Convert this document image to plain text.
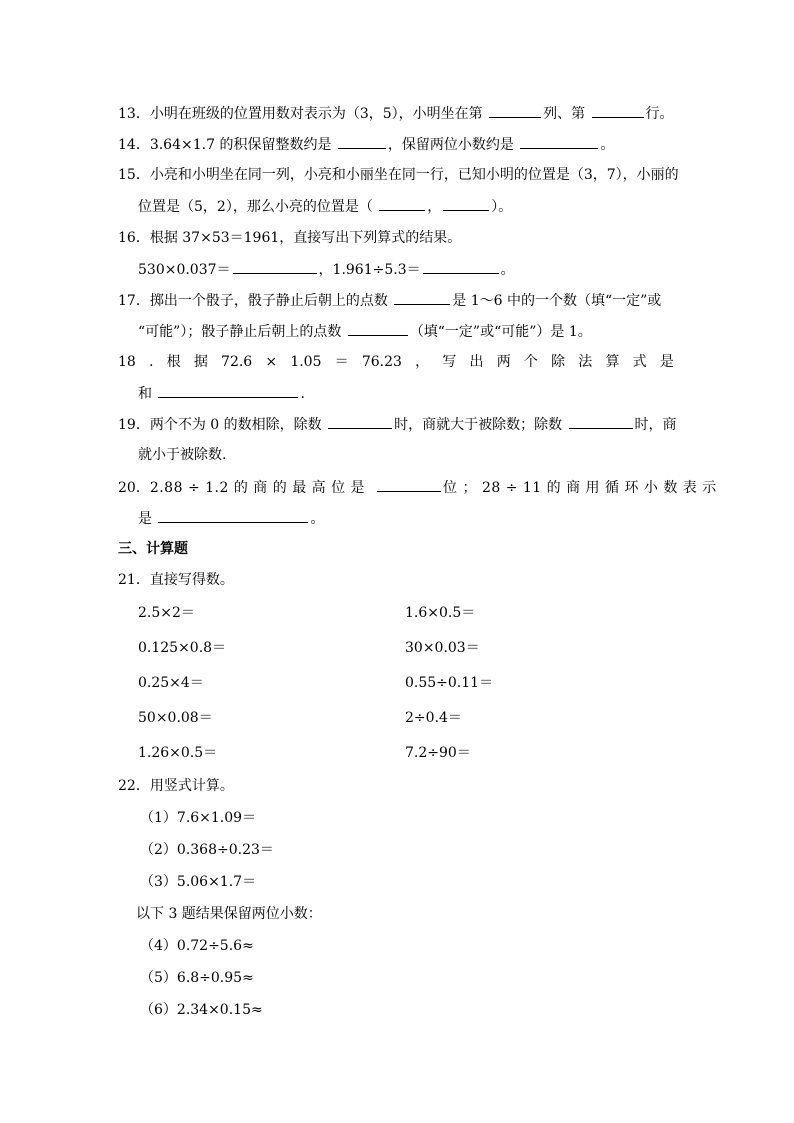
13．小明在班级的位置用数对表示为（3，5），小明坐在第	列、第	行。
14．3.64×1.7 的积保留整数约是	，保留两位小数约是	。
15．小亮和小明坐在同一列，小亮和小丽坐在同一行，已知小明的位置是（3，7），小丽的
位置是（5，2），那么小亮的位置是（	，	）。
16．根据 37×53＝1961，直接写出下列算式的结果。
530×0.037＝	，1.961÷5.3＝	。
17．掷出一个骰子，骰子静止后朝上的点数	是 1～6 中的一个数（填“一定”或
“可能”）；骰子静止后朝上的点数	（填“一定”或“可能”）是 1。
18 . 根 据 72.6 × 1.05 ＝ 76.23 ， 写 出 两 个 除 法 算 式 是
和	.
19．两个不为 0 的数相除，除数	时，商就大于被除数；除数	时，商
就小于被除数.
20．2.88 ÷ 1.2 的 商 的 最 高 位 是	位 ； 28 ÷ 11 的 商 用 循 环 小 数 表 示
是	。
三、计算题
21．直接写得数。
2.5×2＝	1.6×0.5＝
0.125×0.8＝	30×0.03＝
0.25×4＝	0.55÷0.11＝
50×0.08＝	2÷0.4＝
1.26×0.5＝	7.2÷90＝
22．用竖式计算。
（1）7.6×1.09＝
（2）0.368÷0.23＝
（3）5.06×1.7＝
以下 3 题结果保留两位小数：
（4）0.72÷5.6≈
（5）6.8÷0.95≈
（6）2.34×0.15≈
